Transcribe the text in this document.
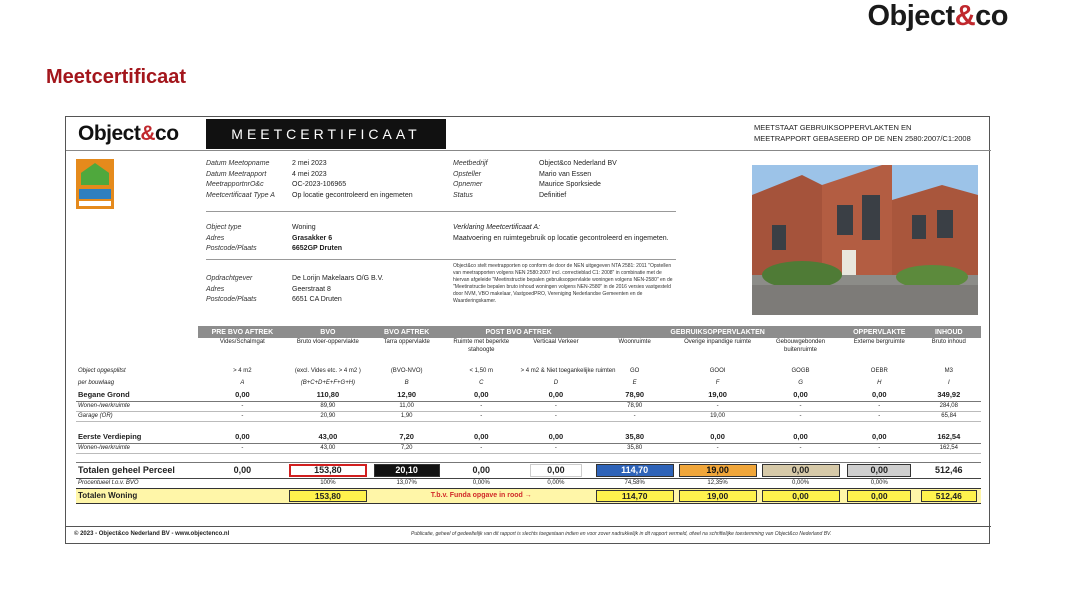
Object&co
Meetcertificaat
Object&co	MEETCERTIFICAAT	MEETSTAAT GEBRUIKSOPPERVLAKTEN EN
MEETRAPPORT GEBASEERD OP DE NEN 2580:2007/C1:2008
Datum Meetopname	2 mei 2023
Datum Meetrapport	4 mei 2023
MeetrapportnrO&c	OC-2023-106965
Meetcertificaat Type A	Op locatie gecontroleerd en ingemeten
Meetbedrijf	Object&co Nederland BV
Opsteller	Mario van Essen
Opnemer	Maurice Sporksiede
Status	Definitief
Object type	Woning
Adres	Grasakker 6
Postcode/Plaats	6652GP Druten
Verklaring Meetcertificaat A:
Maatvoering en ruimtegebruik op locatie gecontroleerd en ingemeten.
Opdrachtgever	De Lorijn Makelaars O/G B.V.
Adres	Geerstraat 8
Postcode/Plaats	6651 CA Druten
Object&co stelt meetrapporten op conform de door de NEN uitgegeven NTA 2581: 2011 "Opstellen van meetrapporten volgens NEN 2580:2007 incl. correctieblad C1: 2008" in combinatie met de hiervan afgeleide "Meetinstructie bepalen gebruiksoppervlakte woningen volgens NEN-2580" en de "Meetinstructie bepalen bruto inhoud woningen volgens NEN-2580" in de 2016 versies vastgesteld door NVM, VBO makelaar, VastgoedPRO, Vereniging Nederlandse Gemeenten en de Waarderingskamer.
	PRE BVO AFTREK	BVO	BVO AFTREK	POST BVO AFTREK		GEBRUIKSOPPERVLAKTEN			OPPERVLAKTE	INHOUD
	Vides/Schalmgat	Bruto vloer-oppervlakte	Tarra oppervlakte	Ruimte met beperkte stahoogte	Verticaal Verkeer	Woonruimte	Overige inpandige ruimte	Gebouwgebonden buitenruimte	Externe bergruimte	Bruto inhoud
Object opgesplitst	> 4 m2	(excl. Vides etc. > 4 m2 )	(BVO-NVO)	< 1,50 m	> 4 m2 & Niet toegankelijke ruimten	GO	GOOI	GOGB	OEBR	M3
per bouwlaag	A	(B+C+D+E+F+G+H)	B	C	D	E	F	G	H	I
Begane Grond	0,00	110,80	12,90	0,00	0,00	78,90	19,00	0,00	0,00	349,92
Wonen-/werkruimte	-	89,90	11,00	-	-	78,90	-	-	-	284,08
Garage (OR)	-	20,90	1,90	-	-	-	19,00	-	-	65,84

Eerste Verdieping	0,00	43,00	7,20	0,00	0,00	35,80	0,00	0,00	0,00	162,54
Wonen-/werkruimte	-	43,00	7,20	-	-	35,80	-	-	-	162,54

Totalen geheel Perceel	0,00	153,80	20,10	0,00	0,00	114,70	19,00	0,00	0,00	512,46
Procentueel t.o.v. BVO		100%	13,07%	0,00%	0,00%	74,58%	12,35%	0,00%	0,00%	
Totalen Woning		153,80	T.b.v. Funda opgave in rood →			114,70	19,00	0,00	0,00	512,46
© 2023 - Object&co Nederland BV - www.objectenco.nl	Publicatie, geheel of gedeeltelijk van dit rapport is slechts toegestaan indien en voor zover nadrukkelijk in dit rapport vermeld, ofwel na schriftelijke toestemming van Object&co Nederland BV.
